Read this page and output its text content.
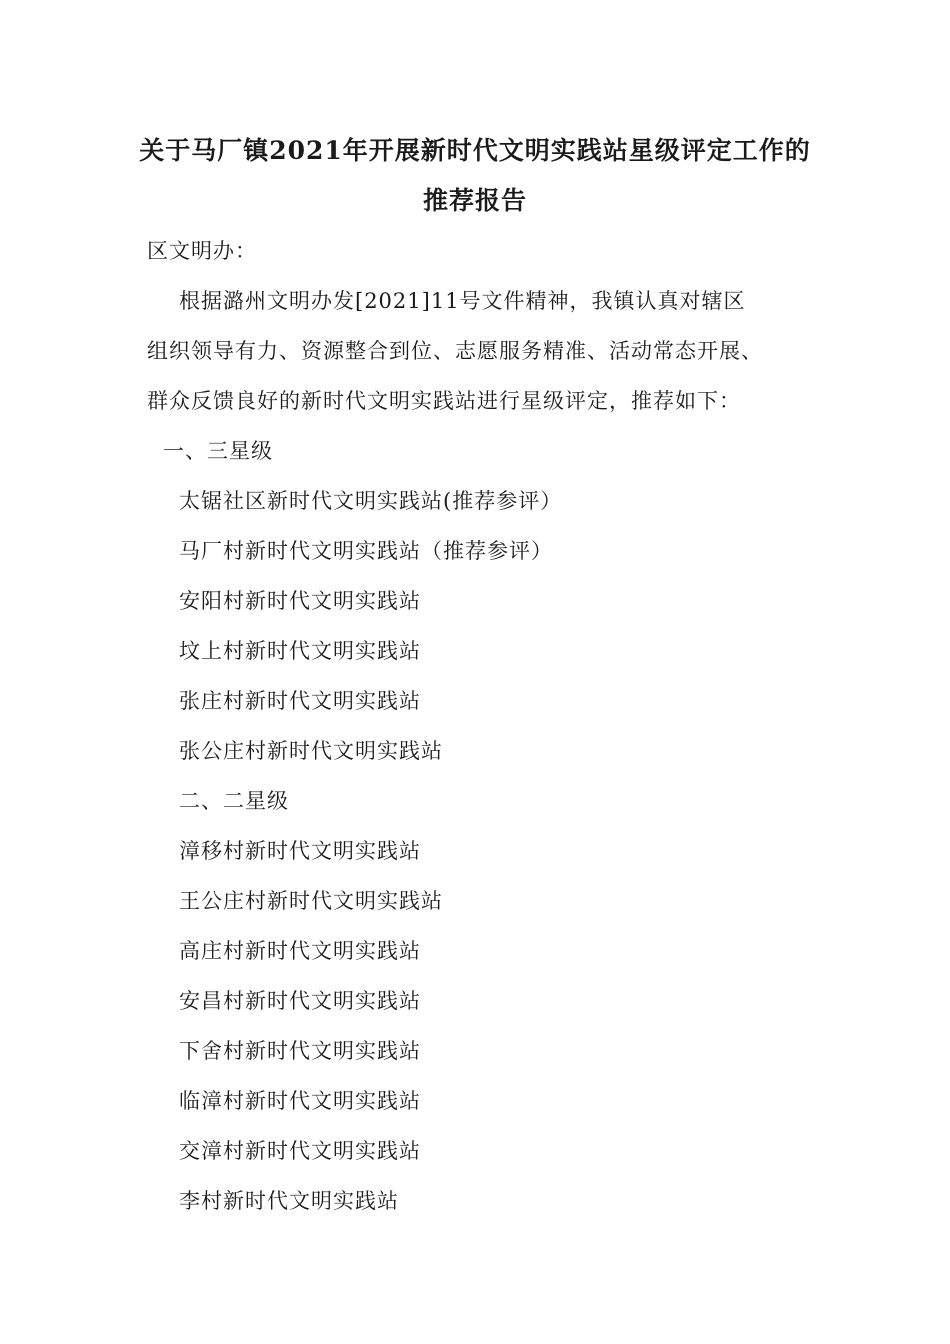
关于马厂镇2021年开展新时代文明实践站星级评定工作的
推荐报告
区文明办：
根据潞州文明办发[2021]11号文件精神，我镇认真对辖区
组织领导有力、资源整合到位、志愿服务精准、活动常态开展、
群众反馈良好的新时代文明实践站进行星级评定，推荐如下：
一、三星级
太锯社区新时代文明实践站(推荐参评）
马厂村新时代文明实践站（推荐参评）
安阳村新时代文明实践站
坟上村新时代文明实践站
张庄村新时代文明实践站
张公庄村新时代文明实践站
二、二星级
漳移村新时代文明实践站
王公庄村新时代文明实践站
高庄村新时代文明实践站
安昌村新时代文明实践站
下舍村新时代文明实践站
临漳村新时代文明实践站
交漳村新时代文明实践站
李村新时代文明实践站
